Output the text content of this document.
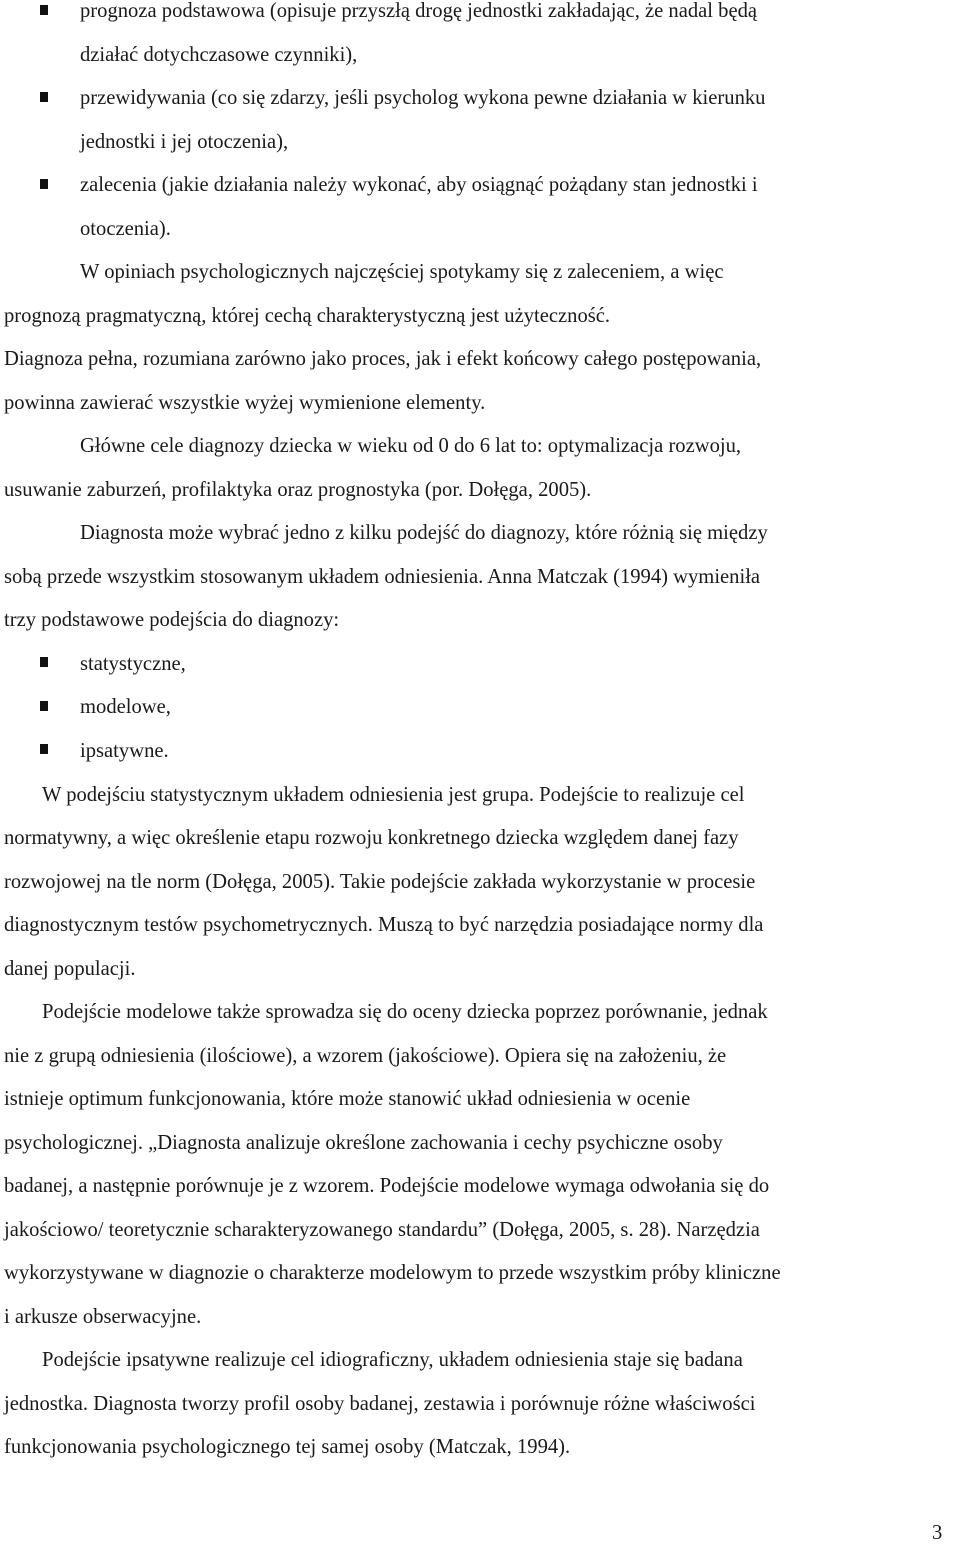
prognoza podstawowa (opisuje przyszłą drogę jednostki zakładając, że nadal będą
działać dotychczasowe czynniki),
przewidywania (co się zdarzy, jeśli psycholog wykona pewne działania w kierunku
jednostki i jej otoczenia),
zalecenia (jakie działania należy wykonać, aby osiągnąć pożądany stan jednostki i
otoczenia).
W opiniach psychologicznych najczęściej spotykamy się z zaleceniem, a więc
prognozą pragmatyczną, której cechą charakterystyczną jest użyteczność.
Diagnoza pełna, rozumiana zarówno jako proces, jak i efekt końcowy całego postępowania,
powinna zawierać wszystkie wyżej wymienione elementy.
Główne cele diagnozy dziecka w wieku od 0 do 6 lat to: optymalizacja rozwoju,
usuwanie zaburzeń, profilaktyka oraz prognostyka (por. Dołęga, 2005).
Diagnosta może wybrać jedno z kilku podejść do diagnozy, które różnią się między
sobą przede wszystkim stosowanym układem odniesienia. Anna Matczak (1994) wymieniła
trzy podstawowe podejścia do diagnozy:
statystyczne,
modelowe,
ipsatywne.
W podejściu statystycznym układem odniesienia jest grupa. Podejście to realizuje cel
normatywny, a więc określenie etapu rozwoju konkretnego dziecka względem danej fazy
rozwojowej na tle norm (Dołęga, 2005). Takie podejście zakłada wykorzystanie w procesie
diagnostycznym testów psychometrycznych. Muszą to być narzędzia posiadające normy dla
danej populacji.
Podejście modelowe także sprowadza się do oceny dziecka poprzez porównanie, jednak
nie z grupą odniesienia (ilościowe), a wzorem (jakościowe). Opiera się na założeniu, że
istnieje optimum funkcjonowania, które może stanowić układ odniesienia w ocenie
psychologicznej. „Diagnosta analizuje określone zachowania i cechy psychiczne osoby
badanej, a następnie porównuje je z wzorem. Podejście modelowe wymaga odwołania się do
jakościowo/ teoretycznie scharakteryzowanego standardu” (Dołęga, 2005, s. 28). Narzędzia
wykorzystywane w diagnozie o charakterze modelowym to przede wszystkim próby kliniczne
i arkusze obserwacyjne.
Podejście ipsatywne realizuje cel idiograficzny, układem odniesienia staje się badana
jednostka. Diagnosta tworzy profil osoby badanej, zestawia i porównuje różne właściwości
funkcjonowania psychologicznego tej samej osoby (Matczak, 1994).
3
